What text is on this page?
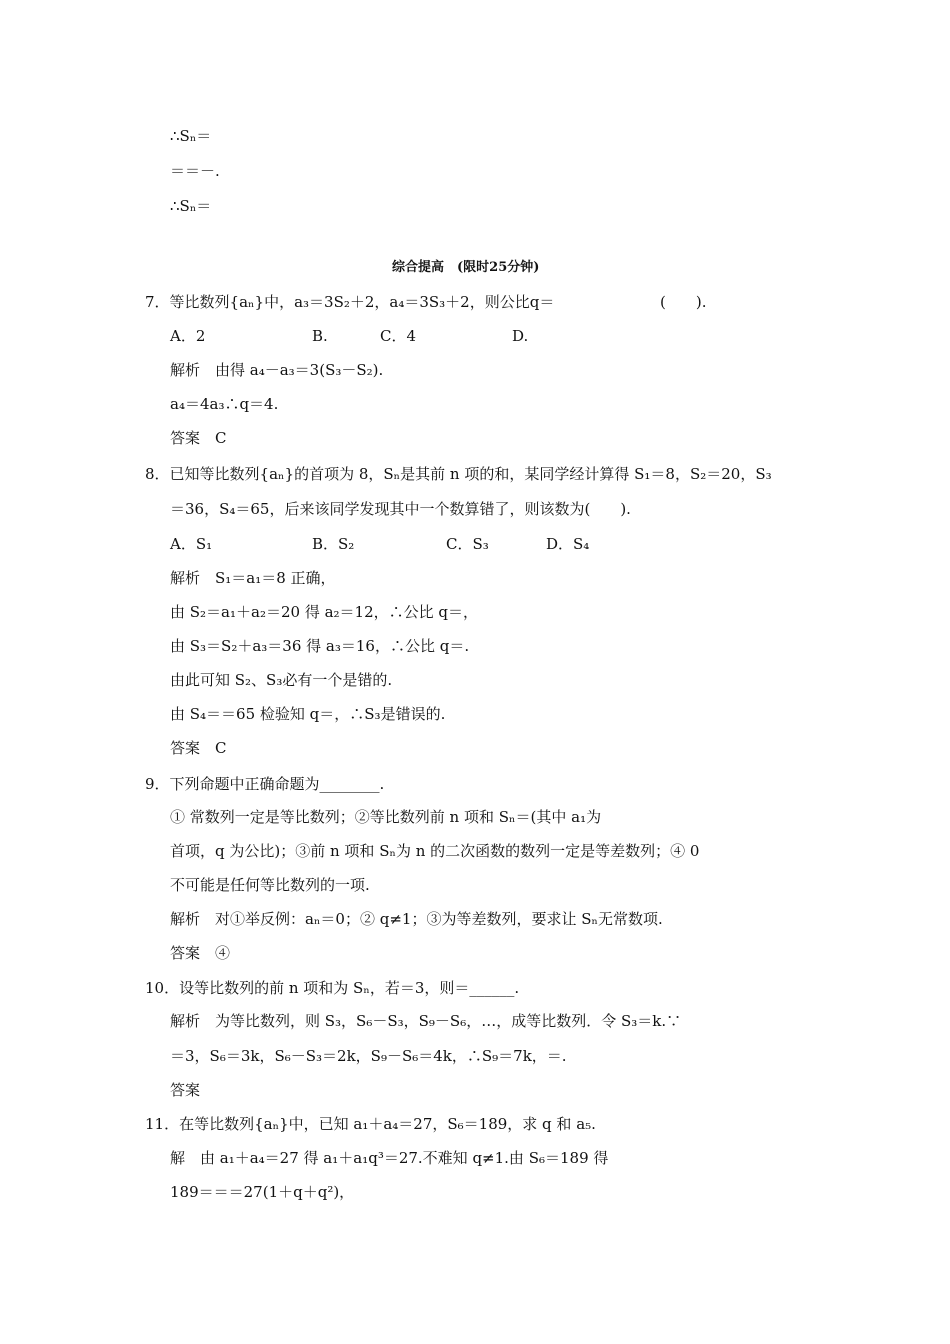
∴Sₙ＝
＝＝－.
∴Sₙ＝
综合提高　(限时25分钟)
7．等比数列{aₙ}中，a₃＝3S₂＋2，a₄＝3S₃＋2，则公比q＝	(　　).
A．2	B.	C．4	D.
解析　由得 a₄－a₃＝3(S₃－S₂).
a₄＝4a₃∴q＝4.
答案　C
8．已知等比数列{aₙ}的首项为 8，Sₙ是其前 n 项的和，某同学经计算得 S₁＝8，S₂＝20，S₃
＝36，S₄＝65，后来该同学发现其中一个数算错了，则该数为(　　).
A．S₁	B．S₂	C．S₃	D．S₄
解析　S₁＝a₁＝8 正确，
由 S₂＝a₁＋a₂＝20 得 a₂＝12，∴公比 q＝，
由 S₃＝S₂＋a₃＝36 得 a₃＝16，∴公比 q＝.
由此可知 S₂、S₃必有一个是错的.
由 S₄＝＝65 检验知 q＝，∴S₃是错误的.
答案　C
9．下列命题中正确命题为________.
① 常数列一定是等比数列；②等比数列前 n 项和 Sₙ＝(其中 a₁为
首项，q 为公比)；③前 n 项和 Sₙ为 n 的二次函数的数列一定是等差数列；④ 0
不可能是任何等比数列的一项.
解析　对①举反例：aₙ＝0；② q≠1；③为等差数列，要求让 Sₙ无常数项.
答案　④
10．设等比数列的前 n 项和为 Sₙ，若＝3，则＝______.
解析　为等比数列，则 S₃，S₆－S₃，S₉－S₆，…，成等比数列．令 S₃＝k.∵
＝3，S₆＝3k，S₆－S₃＝2k，S₉－S₆＝4k，∴S₉＝7k，＝.
答案
11．在等比数列{aₙ}中，已知 a₁＋a₄＝27，S₆＝189，求 q 和 a₅.
解　由 a₁＋a₄＝27 得 a₁＋a₁q³＝27.不难知 q≠1.由 S₆＝189 得
189＝＝＝27(1＋q＋q²)，
